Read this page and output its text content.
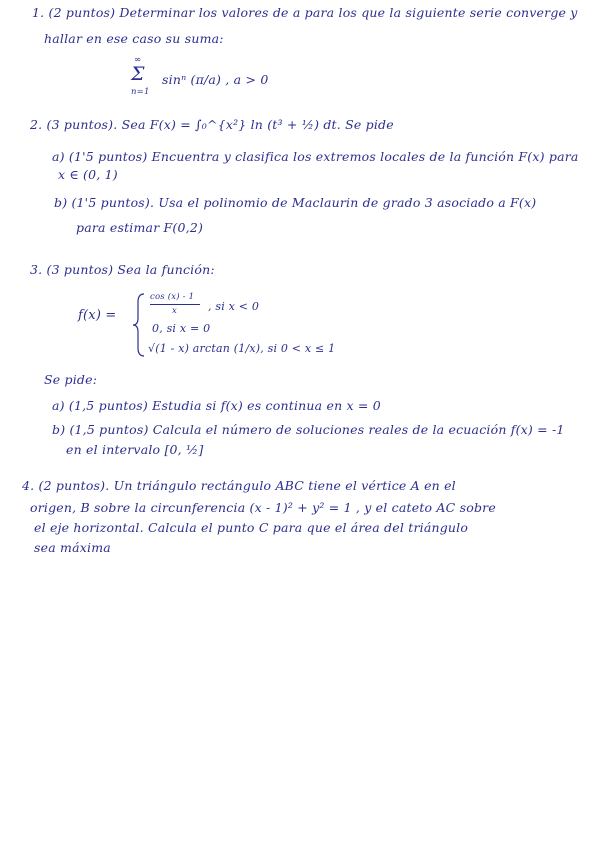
1. (2 puntos) Determinar los valores de a para los que la siguiente serie converge y
hallar en ese caso su suma:
∞
Σ
n=1
sinⁿ (π/a) , a > 0
2. (3 puntos). Sea F(x) = ∫₀^{x²} ln (t³ + ½) dt. Se pide
a) (1'5 puntos) Encuentra y clasifica los extremos locales de la función F(x) para
x ∈ (0, 1)
b) (1'5 puntos). Usa el polinomio de Maclaurin de grado 3 asociado a F(x)
para estimar F(0,2)
3. (3 puntos) Sea la función:
f(x) =
cos (x) - 1
x	, si x < 0
0, si x = 0
√(1 - x) arctan (1/x), si 0 < x ≤ 1
Se pide:
a) (1,5 puntos) Estudia si f(x) es continua en x = 0
b) (1,5 puntos) Calcula el número de soluciones reales de la ecuación f(x) = -1
en el intervalo [0, ½]
4. (2 puntos). Un triángulo rectángulo ABC tiene el vértice A en el
origen, B sobre la circunferencia (x - 1)² + y² = 1 , y el cateto AC sobre
el eje horizontal. Calcula el punto C para que el área del triángulo
sea máxima
